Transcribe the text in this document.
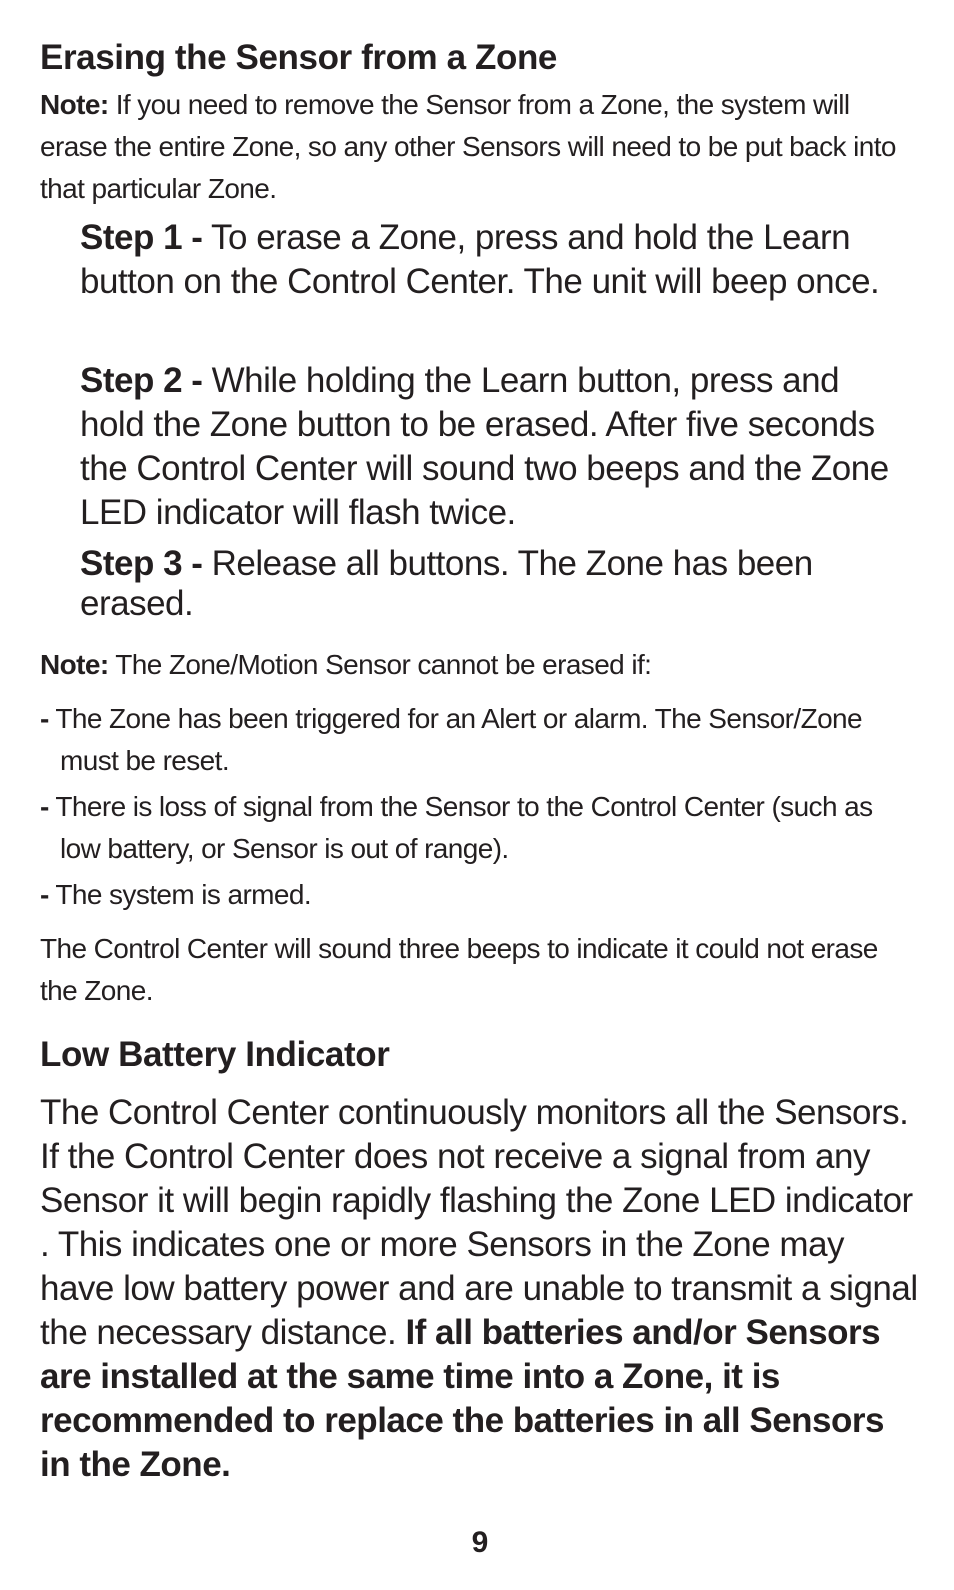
Erasing the Sensor from a Zone

Note: If you need to remove the Sensor from a Zone, the system will erase the entire Zone, so any other Sensors will need to be put back into that particular Zone.

Step 1 - To erase a Zone, press and hold the Learn button on the Control Center. The unit will beep once.

Step 2 - While holding the Learn button, press and hold the Zone button to be erased. After five seconds the Control Center will sound two beeps and the Zone LED indicator will flash twice.

Step 3 - Release all buttons. The Zone has been erased.

Note: The Zone/Motion Sensor cannot be erased if:

- The Zone has been triggered for an Alert or alarm. The Sensor/Zone must be reset.

- There is loss of signal from the Sensor to the Control Center (such as low battery, or Sensor is out of range).

- The system is armed.

The Control Center will sound three beeps to indicate it could not erase the Zone.

Low Battery Indicator

The Control Center continuously monitors all the Sensors. If the Control Center does not receive a signal from any Sensor it will begin rapidly flashing the Zone LED indicator . This indicates one or more Sensors in the Zone may have low battery power and are unable to transmit a signal the necessary distance. If all batteries and/or Sensors are installed at the same time into a Zone, it is recommended to replace the batteries in all Sensors in the Zone.

9
